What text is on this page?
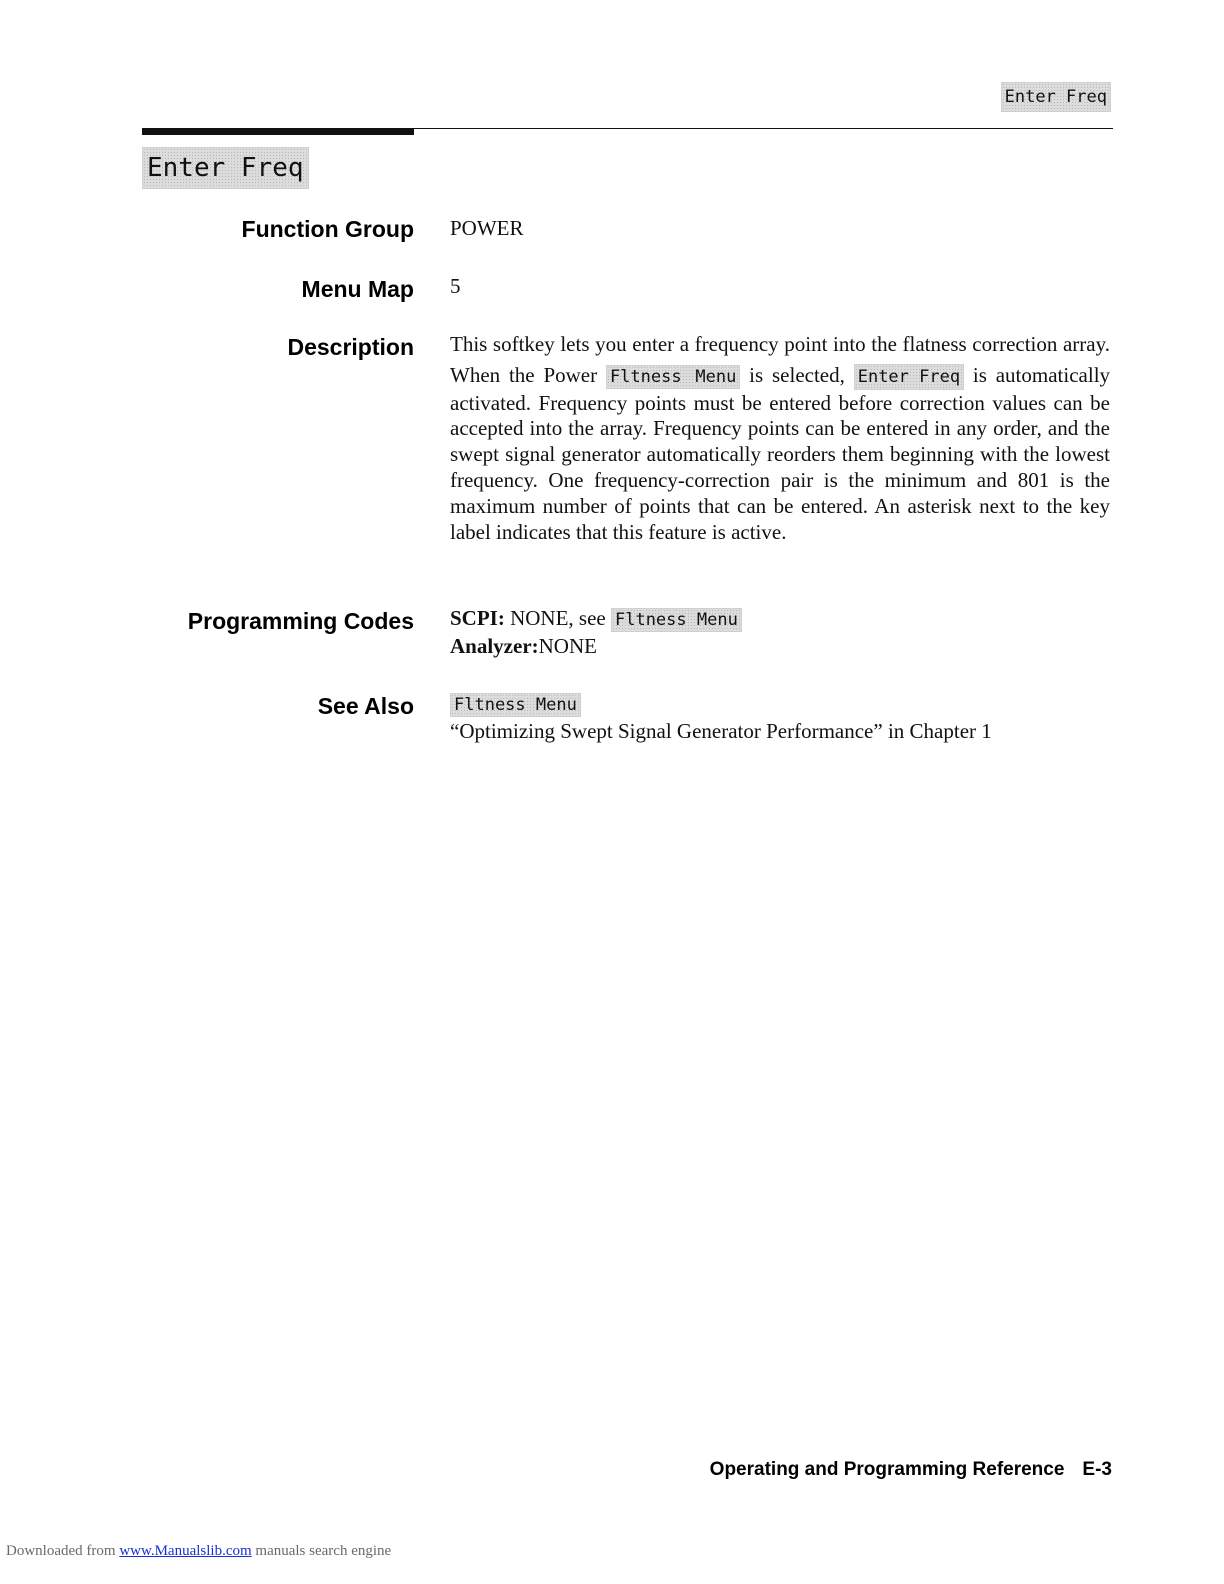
Enter Freq
Enter Freq
Function Group POWER
Menu Map 5
Description This softkey lets you enter a frequency point into the flatness correction array. When the Power Fltness Menu is selected, Enter Freq is automatically activated. Frequency points must be entered before correction values can be accepted into the array. Frequency points can be entered in any order, and the swept signal generator automatically reorders them beginning with the lowest frequency. One frequency-correction pair is the minimum and 801 is the maximum number of points that can be entered. An asterisk next to the key label indicates that this feature is active.
Programming Codes SCPI: NONE, see Fltness Menu
Analyzer:NONE
See Also Fltness Menu
“Optimizing Swept Signal Generator Performance” in Chapter 1
Operating and Programming Reference E-3
Downloaded from www.Manualslib.com manuals search engine
